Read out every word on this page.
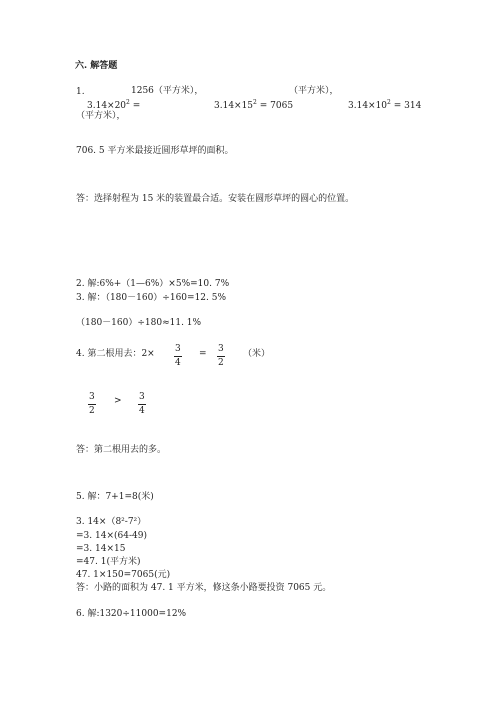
六. 解答题
1.	1256（平方米），	（平方米），
$3.14\times 20^2$ =	$3.14\times 15^2 = 7065$	$3.14\times 10^2 = 314$
（平方米），
706. 5 平方米最接近圆形草坪的面积。
答：选择射程为 15 米的装置最合适。安装在圆形草坪的圆心的位置。
2. 解:6%+（1—6%）×5%=10. 7%
3. 解：（180－160）÷160=12. 5%
（180－160）÷180≈11. 1%
4. 第二根用去：2× 3
4
= 3
2
（米）
3
2
> 3
4
答：第二根用去的多。
5. 解：7+1=8(米)
3. 14×（8²-7²）
=3. 14×(64-49)
=3. 14×15
=47. 1(平方米)
47. 1×150=7065(元)
答：小路的面积为 47. 1 平方米，修这条小路要投资 7065 元。
6. 解:1320÷11000=12%
